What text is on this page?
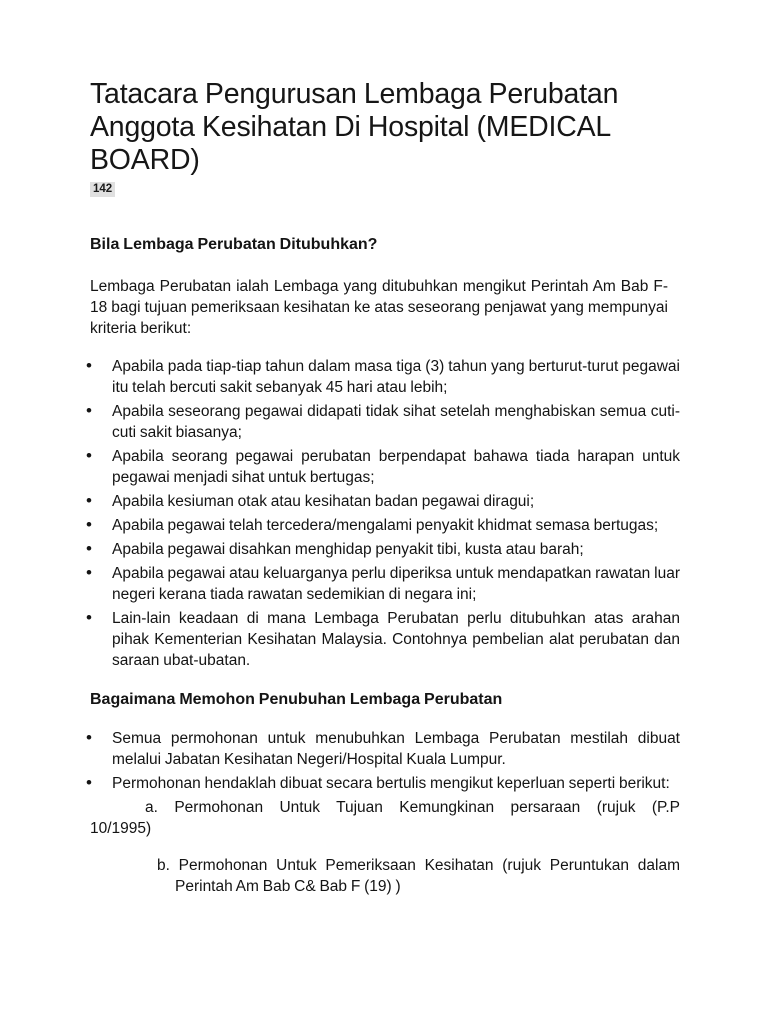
Tatacara Pengurusan Lembaga Perubatan Anggota Kesihatan Di Hospital (MEDICAL BOARD)
142
Bila Lembaga Perubatan Ditubuhkan?

Lembaga Perubatan ialah Lembaga yang ditubuhkan mengikut Perintah Am Bab F-18 bagi tujuan pemeriksaan kesihatan ke atas seseorang penjawat yang mempunyai kriteria berikut:

• Apabila pada tiap-tiap tahun dalam masa tiga (3) tahun yang berturut-turut pegawai itu telah bercuti sakit sebanyak 45 hari atau lebih;
• Apabila seseorang pegawai didapati tidak sihat setelah menghabiskan semua cuti-cuti sakit biasanya;
• Apabila seorang pegawai perubatan berpendapat bahawa tiada harapan untuk pegawai menjadi sihat untuk bertugas;
• Apabila kesiuman otak atau kesihatan badan pegawai diragui;
• Apabila pegawai telah tercedera/mengalami penyakit khidmat semasa bertugas;
• Apabila pegawai disahkan menghidap penyakit tibi, kusta atau barah;
• Apabila pegawai atau keluarganya perlu diperiksa untuk mendapatkan rawatan luar negeri kerana tiada rawatan sedemikian di negara ini;
• Lain-lain keadaan di mana Lembaga Perubatan perlu ditubuhkan atas arahan pihak Kementerian Kesihatan Malaysia. Contohnya pembelian alat perubatan dan saraan ubat-ubatan.
Bagaimana Memohon Penubuhan Lembaga Perubatan
• Semua permohonan untuk menubuhkan Lembaga Perubatan mestilah dibuat melalui Jabatan Kesihatan Negeri/Hospital Kuala Lumpur.
• Permohonan hendaklah dibuat secara bertulis mengikut keperluan seperti berikut:
a. Permohonan Untuk Tujuan Kemungkinan persaraan (rujuk (P.P
10/1995)
b. Permohonan Untuk Pemeriksaan Kesihatan (rujuk Peruntukan dalam
Perintah Am Bab C& Bab F (19) )
